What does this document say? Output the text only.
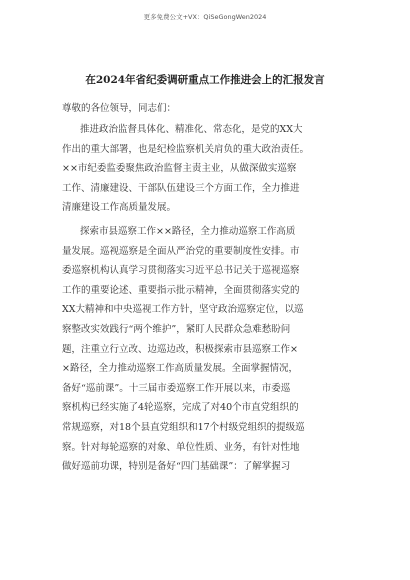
更多免费公文+VX：QiSeGongWen2024
在2024年省纪委调研重点工作推进会上的汇报发言
尊敬的各位领导，同志们：
推进政治监督具体化、精准化、常态化，是党的XX大
作出的重大部署，也是纪检监察机关肩负的重大政治责任。
××市纪委监委聚焦政治监督主责主业，从做深做实巡察
工作、清廉建设、干部队伍建设三个方面工作，全力推进
清廉建设工作高质量发展。
探索市县巡察工作××路径，全力推动巡察工作高质
量发展。巡视巡察是全面从严治党的重要制度性安排。市
委巡察机构认真学习贯彻落实习近平总书记关于巡视巡察
工作的重要论述、重要指示批示精神，全面贯彻落实党的
XX大精神和中央巡视工作方针，坚守政治巡察定位，以巡
察整改实效践行“两个维护”，紧盯人民群众急难愁盼问
题，注重立行立改、边巡边改，积极探索市县巡察工作×
×路径，全力推动巡察工作高质量发展。全面掌握情况，
备好“巡前课”。十三届市委巡察工作开展以来，市委巡
察机构已经实施了4轮巡察，完成了对40个市直党组织的
常规巡察，对18个县直党组织和17个村级党组织的提级巡
察。针对每轮巡察的对象、单位性质、业务，有针对性地
做好巡前功课，特别是备好“四门基础课”：了解掌握习
